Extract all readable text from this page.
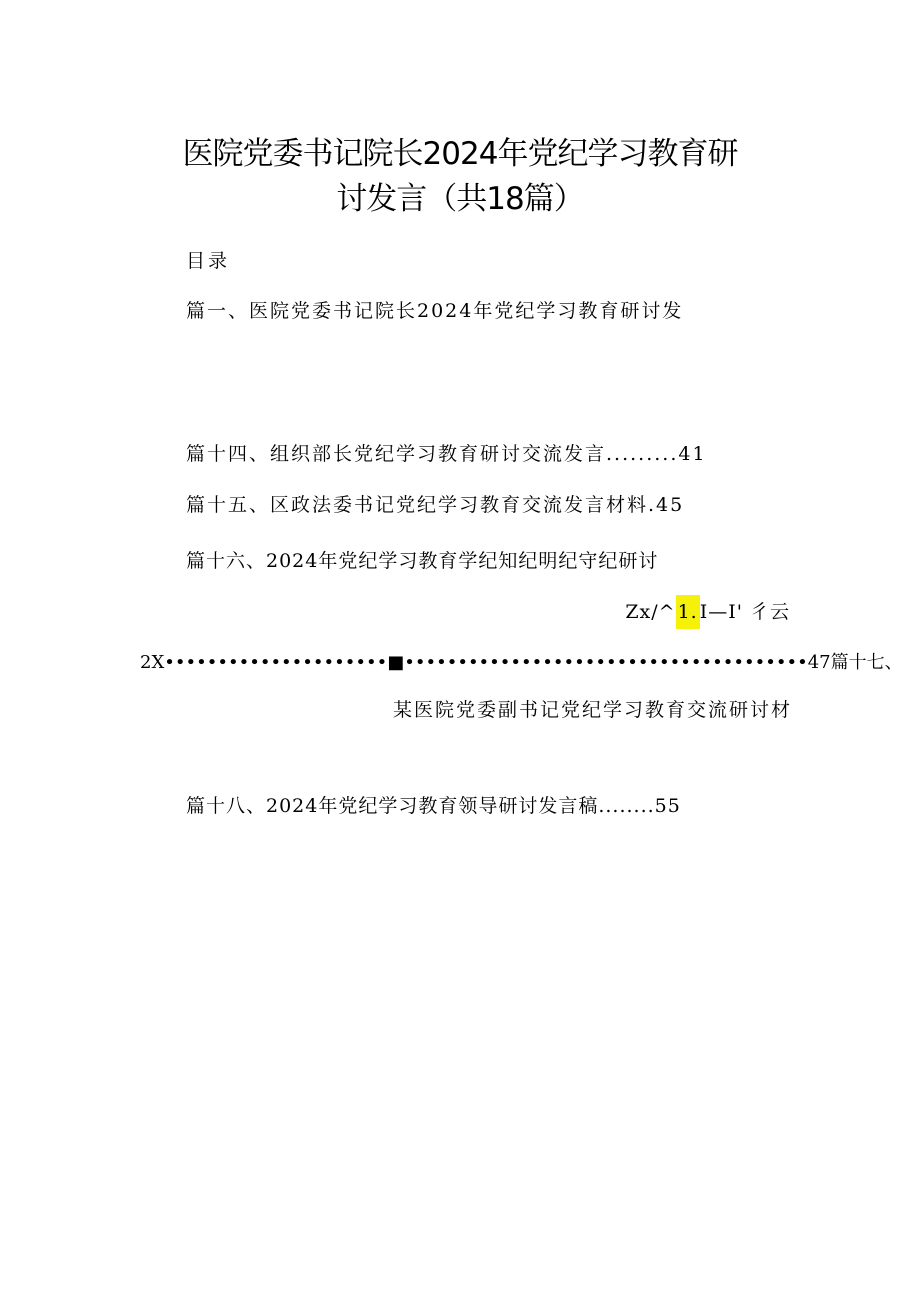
医院党委书记院长2024年党纪学习教育研
讨发言（共18篇）
目录
篇一、医院党委书记院长2024年党纪学习教育研讨发
篇十四、组织部长党纪学习教育研讨交流发言.........41
篇十五、区政法委书记党纪学习教育交流发言材料.45
篇十六、2024年党纪学习教育学纪知纪明纪守纪研讨
Zx/^ 1. I—I' 彳云
2X•••••••••••••••••••••■••••••••••••••••••••••••••••••••••••••47篇十七、
某医院党委副书记党纪学习教育交流研讨材
篇十八、2024年党纪学习教育领导研讨发言稿........55
